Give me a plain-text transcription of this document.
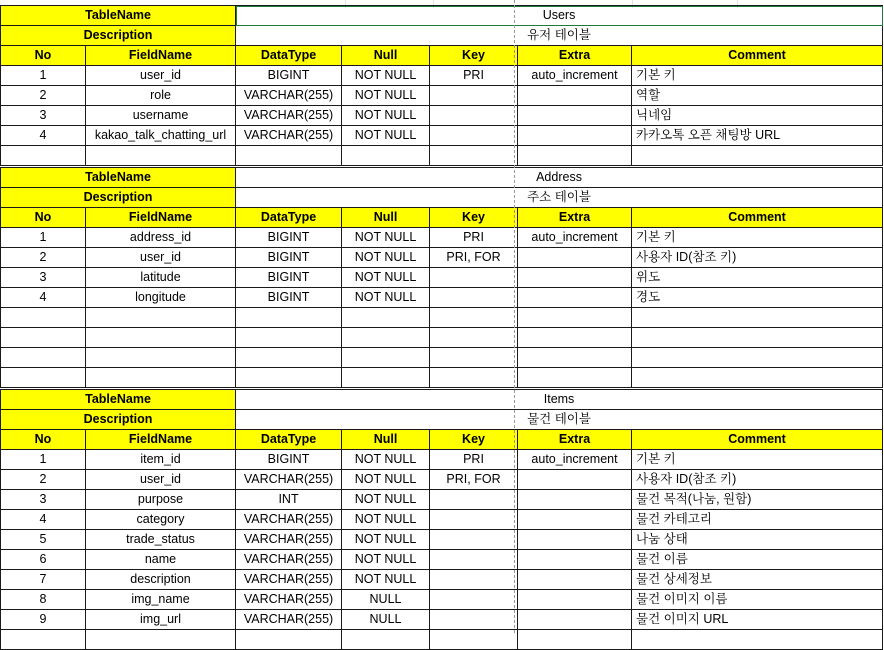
TableName		Users				
Description		유저 테이블				
No	FieldName	DataType	Null	Key	Extra	Comment
1	user_id	BIGINT	NOT NULL	PRI	auto_increment	기본 키
2	role	VARCHAR(255)	NOT NULL			역할
3	username	VARCHAR(255)	NOT NULL			닉네임
4	kakao_talk_chatting_url	VARCHAR(255)	NOT NULL			카카오톡 오픈 채팅방 URL

TableName		Address				
Description		주소 테이블				
No	FieldName	DataType	Null	Key	Extra	Comment
1	address_id	BIGINT	NOT NULL	PRI	auto_increment	기본 키
2	user_id	BIGINT	NOT NULL	PRI, FOR		사용자 ID(참조 키)
3	latitude	BIGINT	NOT NULL			위도
4	longitude	BIGINT	NOT NULL			경도

TableName		Items				
Description		물건 테이블				
No	FieldName	DataType	Null	Key	Extra	Comment
1	item_id	BIGINT	NOT NULL	PRI	auto_increment	기본 키
2	user_id	VARCHAR(255)	NOT NULL	PRI, FOR		사용자 ID(참조 키)
3	purpose	INT	NOT NULL			물건 목적(나눔, 원함)
4	category	VARCHAR(255)	NOT NULL			물건 카테고리
5	trade_status	VARCHAR(255)	NOT NULL			나눔 상태
6	name	VARCHAR(255)	NOT NULL			물건 이름
7	description	VARCHAR(255)	NOT NULL			물건 상세정보
8	img_name	VARCHAR(255)	NULL			물건 이미지 이름
9	img_url	VARCHAR(255)	NULL			물건 이미지 URL
